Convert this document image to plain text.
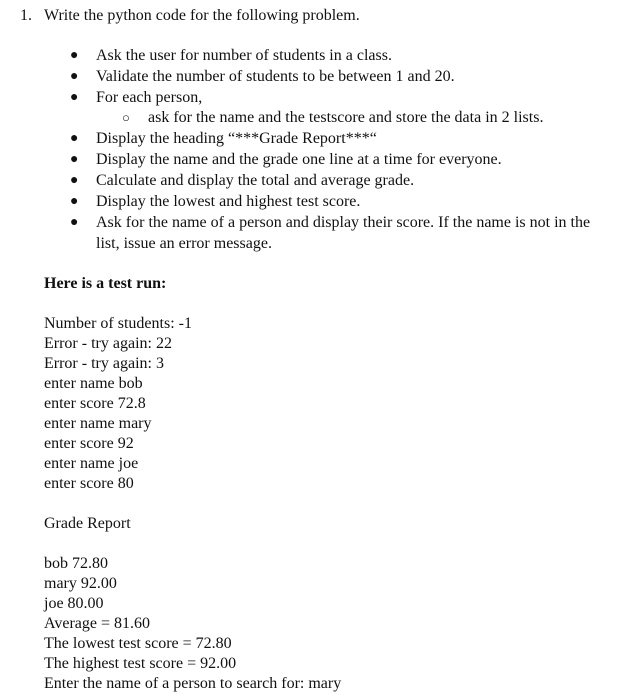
1. Write the python code for the following problem.
● Ask the user for number of students in a class.
● Validate the number of students to be between 1 and 20.
● For each person,
○ ask for the name and the testscore and store the data in 2 lists.
● Display the heading “***Grade Report***“
● Display the name and the grade one line at a time for everyone.
● Calculate and display the total and average grade.
● Display the lowest and highest test score.
● Ask for the name of a person and display their score. If the name is not in the
list, issue an error message.
Here is a test run:
Number of students: -1
Error - try again: 22
Error - try again: 3
enter name bob
enter score 72.8
enter name mary
enter score 92
enter name joe
enter score 80
Grade Report
bob 72.80
mary 92.00
joe 80.00
Average = 81.60
The lowest test score = 72.80
The highest test score = 92.00
Enter the name of a person to search for: mary
